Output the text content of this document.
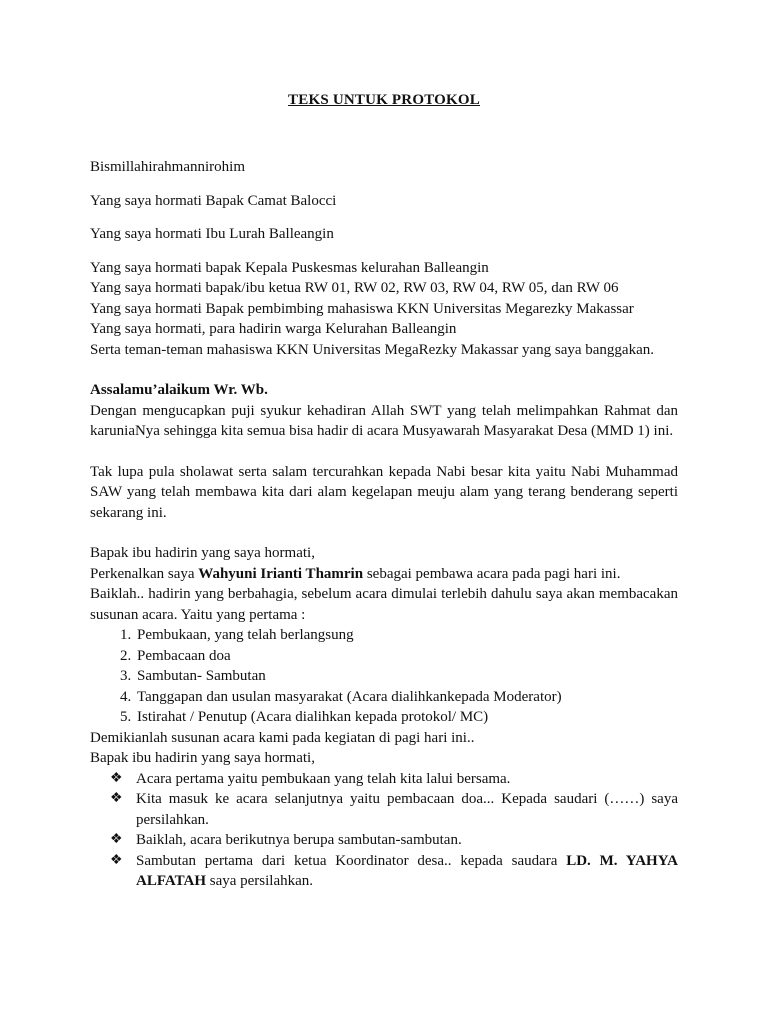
TEKS UNTUK PROTOKOL

Bismillahirahmannirohim

Yang saya hormati Bapak Camat Balocci

Yang saya hormati Ibu Lurah Balleangin

Yang saya hormati bapak Kepala Puskesmas kelurahan Balleangin

Yang saya hormati bapak/ibu ketua RW 01, RW 02, RW 03, RW 04, RW 05, dan RW 06

Yang saya hormati Bapak pembimbing mahasiswa KKN Universitas Megarezky Makassar

Yang saya hormati, para hadirin warga Kelurahan Balleangin

Serta teman-teman mahasiswa KKN Universitas MegaRezky Makassar yang saya banggakan.

Assalamu’alaikum Wr. Wb.

Dengan mengucapkan puji syukur kehadiran Allah SWT yang telah melimpahkan Rahmat dan karuniaNya sehingga kita semua bisa hadir di acara Musyawarah Masyarakat Desa (MMD 1) ini.

Tak lupa pula sholawat serta salam tercurahkan kepada Nabi besar kita yaitu Nabi Muhammad SAW yang telah membawa kita dari alam kegelapan meuju alam yang terang benderang seperti sekarang ini.

Bapak ibu hadirin yang saya hormati,

Perkenalkan saya Wahyuni Irianti Thamrin sebagai pembawa acara pada pagi hari ini.

Baiklah.. hadirin yang berbahagia, sebelum acara dimulai terlebih dahulu saya akan membacakan susunan acara. Yaitu yang pertama :

1. Pembukaan, yang telah berlangsung
2. Pembacaan doa
3. Sambutan- Sambutan
4. Tanggapan dan usulan masyarakat (Acara dialihkankepada Moderator)
5. Istirahat / Penutup (Acara dialihkan kepada protokol/ MC)

Demikianlah susunan acara kami pada kegiatan di pagi hari ini..

Bapak ibu hadirin yang saya hormati,

❖ Acara pertama yaitu pembukaan yang telah kita lalui bersama.
❖ Kita masuk ke acara selanjutnya yaitu pembacaan doa... Kepada saudari (……) saya persilahkan.
❖ Baiklah, acara berikutnya berupa sambutan-sambutan.
❖ Sambutan pertama dari ketua Koordinator desa.. kepada saudara LD. M. YAHYA ALFATAH saya persilahkan.
